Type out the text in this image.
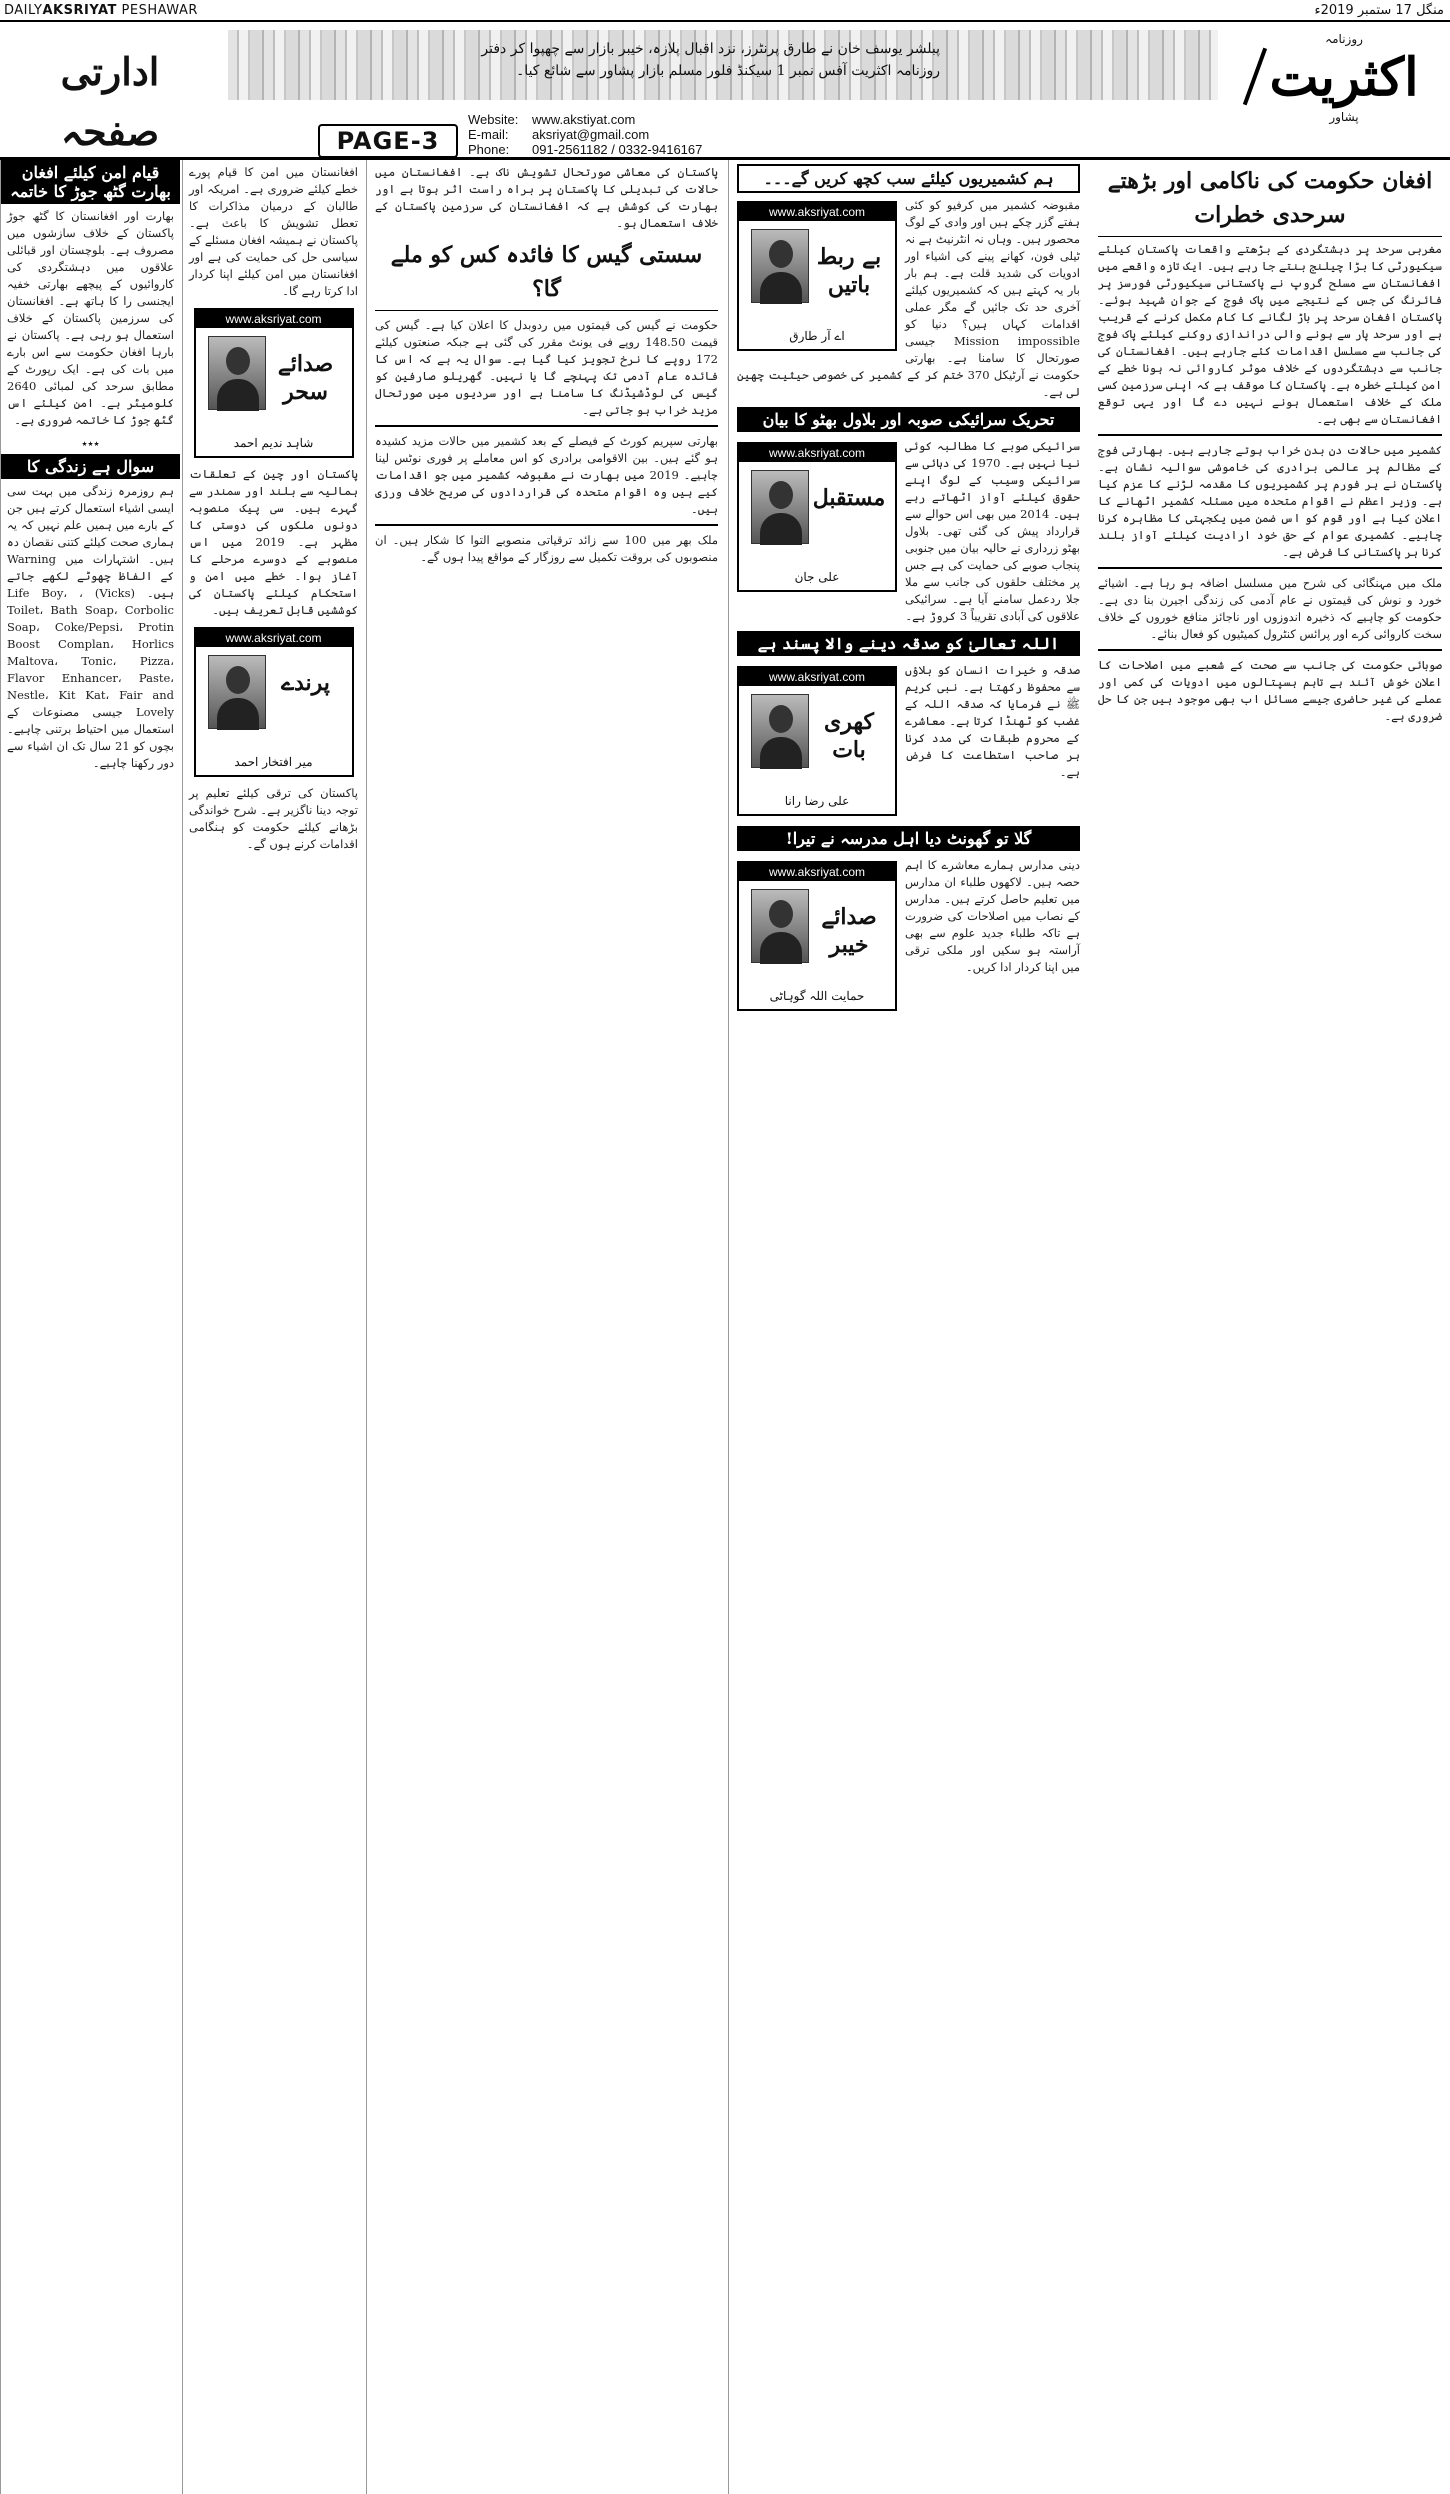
DAILYAKSRIYAT PESHAWAR	منگل 17 ستمبر 2019ء
روزنامہ
اکثریت
پشاور
پبلشر یوسف خان نے طارق پرنٹرز، نزد اقبال پلازہ، خیبر بازار سے چھپوا کر دفتر
روزنامہ اکثریت آفس نمبر 1 سیکنڈ فلور مسلم بازار پشاور سے شائع کیا۔
ادارتی صفحہ	PAGE-3
Website: www.akstiyat.com
E-mail: aksriyat@gmail.com
Phone: 091-2561182 / 0332-9416167
قیام امن کیلئے افغان بھارت گٹھ جوڑ کا خاتمہ
بھارت اور افغانستان کا گٹھ جوڑ پاکستان کے خلاف سازشوں میں مصروف ہے۔ بلوچستان اور قبائلی علاقوں میں دہشتگردی کی کاروائیوں کے پیچھے بھارتی خفیہ ایجنسی را کا ہاتھ ہے۔ افغانستان کی سرزمین پاکستان کے خلاف استعمال ہو رہی ہے۔ پاکستان نے بارہا افغان حکومت سے اس بارے میں بات کی ہے۔ ایک رپورٹ کے مطابق سرحد کی لمبائی 2640 کلومیٹر ہے۔ امن کیلئے اس گٹھ جوڑ کا خاتمہ ضروری ہے۔
٭٭٭
سوال ہے زندگی کا
ہم روزمرہ زندگی میں بہت سی ایسی اشیاء استعمال کرتے ہیں جن کے بارے میں ہمیں علم نہیں کہ یہ ہماری صحت کیلئے کتنی نقصان دہ ہیں۔ اشتہارات میں Warning کے الفاظ چھوٹے لکھے جاتے ہیں۔ (Vicks) ، Life Boy، Toilet، Bath Soap، Corbolic Soap، Coke/Pepsi، Protin Boost Complan، Horlics Maltova، Tonic، Pizza، Flavor Enhancer، Paste، Nestle، Kit Kat، Fair and Lovely جیسی مصنوعات کے استعمال میں احتیاط برتنی چاہیے۔ بچوں کو 21 سال تک ان اشیاء سے دور رکھنا چاہیے۔
افغانستان میں امن کا قیام پورے خطے کیلئے ضروری ہے۔ امریکہ اور طالبان کے درمیان مذاکرات کا تعطل تشویش کا باعث ہے۔ پاکستان نے ہمیشہ افغان مسئلے کے سیاسی حل کی حمایت کی ہے اور افغانستان میں امن کیلئے اپنا کردار ادا کرتا رہے گا۔
www.aksriyat.com
صدائے سحر
شاہد ندیم احمد
پاکستان اور چین کے تعلقات ہمالیہ سے بلند اور سمندر سے گہرے ہیں۔ سی پیک منصوبہ دونوں ملکوں کی دوستی کا مظہر ہے۔ 2019 میں اس منصوبے کے دوسرے مرحلے کا آغاز ہوا۔ خطے میں امن و استحکام کیلئے پاکستان کی کوششیں قابل تعریف ہیں۔
www.aksriyat.com
پرندے
میر افتخار احمد
پاکستان کی ترقی کیلئے تعلیم پر توجہ دینا ناگزیر ہے۔ شرح خواندگی بڑھانے کیلئے حکومت کو ہنگامی اقدامات کرنے ہوں گے۔
پاکستان کی معاشی صورتحال تشویش ناک ہے۔ افغانستان میں حالات کی تبدیلی کا پاکستان پر براہ راست اثر ہوتا ہے اور بھارت کی کوشش ہے کہ افغانستان کی سرزمین پاکستان کے خلاف استعمال ہو۔
سستی گیس کا فائدہ کس کو ملے گا؟
حکومت نے گیس کی قیمتوں میں ردوبدل کا اعلان کیا ہے۔ گیس کی قیمت 148.50 روپے فی یونٹ مقرر کی گئی ہے جبکہ صنعتوں کیلئے 172 روپے کا نرخ تجویز کیا گیا ہے۔ سوال یہ ہے کہ اس کا فائدہ عام آدمی تک پہنچے گا یا نہیں۔ گھریلو صارفین کو گیس کی لوڈشیڈنگ کا سامنا ہے اور سردیوں میں صورتحال مزید خراب ہو جاتی ہے۔
بھارتی سپریم کورٹ کے فیصلے کے بعد کشمیر میں حالات مزید کشیدہ ہو گئے ہیں۔ بین الاقوامی برادری کو اس معاملے پر فوری نوٹس لینا چاہیے۔ 2019 میں بھارت نے مقبوضہ کشمیر میں جو اقدامات کیے ہیں وہ اقوام متحدہ کی قراردادوں کی صریح خلاف ورزی ہیں۔
ملک بھر میں 100 سے زائد ترقیاتی منصوبے التوا کا شکار ہیں۔ ان منصوبوں کی بروقت تکمیل سے روزگار کے مواقع پیدا ہوں گے۔
ہم کشمیریوں کیلئے سب کچھ کریں گے۔۔۔
www.aksriyat.com
بے ربط باتیں
اے آر طارق
مقبوضہ کشمیر میں کرفیو کو کئی ہفتے گزر چکے ہیں اور وادی کے لوگ محصور ہیں۔ وہاں نہ انٹرنیٹ ہے نہ ٹیلی فون، کھانے پینے کی اشیاء اور ادویات کی شدید قلت ہے۔ ہم بار بار یہ کہتے ہیں کہ کشمیریوں کیلئے آخری حد تک جائیں گے مگر عملی اقدامات کہاں ہیں؟ دنیا کو Mission impossible جیسی صورتحال کا سامنا ہے۔ بھارتی حکومت نے آرٹیکل 370 ختم کر کے کشمیر کی خصوصی حیثیت چھین لی ہے۔
تحریک سرائیکی صوبہ اور بلاول بھٹو کا بیان
www.aksriyat.com
مستقبل
علی جان
سرائیکی صوبے کا مطالبہ کوئی نیا نہیں ہے۔ 1970 کی دہائی سے سرائیکی وسیب کے لوگ اپنے حقوق کیلئے آواز اٹھاتے رہے ہیں۔ 2014 میں بھی اس حوالے سے قرارداد پیش کی گئی تھی۔ بلاول بھٹو زرداری نے حالیہ بیان میں جنوبی پنجاب صوبے کی حمایت کی ہے جس پر مختلف حلقوں کی جانب سے ملا جلا ردعمل سامنے آیا ہے۔ سرائیکی علاقوں کی آبادی تقریباً 3 کروڑ ہے۔
اللہ تعالیٰ کو صدقہ دینے والا پسند ہے
www.aksriyat.com
کھری بات
علی رضا رانا
صدقہ و خیرات انسان کو بلاؤں سے محفوظ رکھتا ہے۔ نبی کریم ﷺ نے فرمایا کہ صدقہ اللہ کے غضب کو ٹھنڈا کرتا ہے۔ معاشرے کے محروم طبقات کی مدد کرنا ہر صاحب استطاعت کا فرض ہے۔
گلا تو گھونٹ دیا اہل مدرسہ نے تیرا!
www.aksriyat.com
صدائے خیبر
حمایت اللہ گوہاٹی
دینی مدارس ہمارے معاشرے کا اہم حصہ ہیں۔ لاکھوں طلباء ان مدارس میں تعلیم حاصل کرتے ہیں۔ مدارس کے نصاب میں اصلاحات کی ضرورت ہے تاکہ طلباء جدید علوم سے بھی آراستہ ہو سکیں اور ملکی ترقی میں اپنا کردار ادا کریں۔
افغان حکومت کی ناکامی اور بڑھتے سرحدی خطرات
مغربی سرحد پر دہشتگردی کے بڑھتے واقعات پاکستان کیلئے سیکیورٹی کا بڑا چیلنج بنتے جا رہے ہیں۔ ایک تازہ واقعے میں افغانستان سے مسلح گروپ نے پاکستانی سیکیورٹی فورسز پر فائرنگ کی جس کے نتیجے میں پاک فوج کے جوان شہید ہوئے۔ پاکستان افغان سرحد پر باڑ لگانے کا کام مکمل کرنے کے قریب ہے اور سرحد پار سے ہونے والی دراندازی روکنے کیلئے پاک فوج کی جانب سے مسلسل اقدامات کئے جارہے ہیں۔ افغانستان کی جانب سے دہشتگردوں کے خلاف موثر کاروائی نہ ہونا خطے کے امن کیلئے خطرہ ہے۔ پاکستان کا موقف ہے کہ اپنی سرزمین کسی ملک کے خلاف استعمال ہونے نہیں دے گا اور یہی توقع افغانستان سے بھی ہے۔
کشمیر میں حالات دن بدن خراب ہوتے جارہے ہیں۔ بھارتی فوج کے مظالم پر عالمی برادری کی خاموشی سوالیہ نشان ہے۔ پاکستان نے ہر فورم پر کشمیریوں کا مقدمہ لڑنے کا عزم کیا ہے۔ وزیر اعظم نے اقوام متحدہ میں مسئلہ کشمیر اٹھانے کا اعلان کیا ہے اور قوم کو اس ضمن میں یکجہتی کا مظاہرہ کرنا چاہیے۔ کشمیری عوام کے حق خود ارادیت کیلئے آواز بلند کرنا ہر پاکستانی کا فرض ہے۔
ملک میں مہنگائی کی شرح میں مسلسل اضافہ ہو رہا ہے۔ اشیائے خورد و نوش کی قیمتوں نے عام آدمی کی زندگی اجیرن بنا دی ہے۔ حکومت کو چاہیے کہ ذخیرہ اندوزوں اور ناجائز منافع خوروں کے خلاف سخت کاروائی کرے اور پرائس کنٹرول کمیٹیوں کو فعال بنائے۔
صوبائی حکومت کی جانب سے صحت کے شعبے میں اصلاحات کا اعلان خوش آئند ہے تاہم ہسپتالوں میں ادویات کی کمی اور عملے کی غیر حاضری جیسے مسائل اب بھی موجود ہیں جن کا حل ضروری ہے۔
